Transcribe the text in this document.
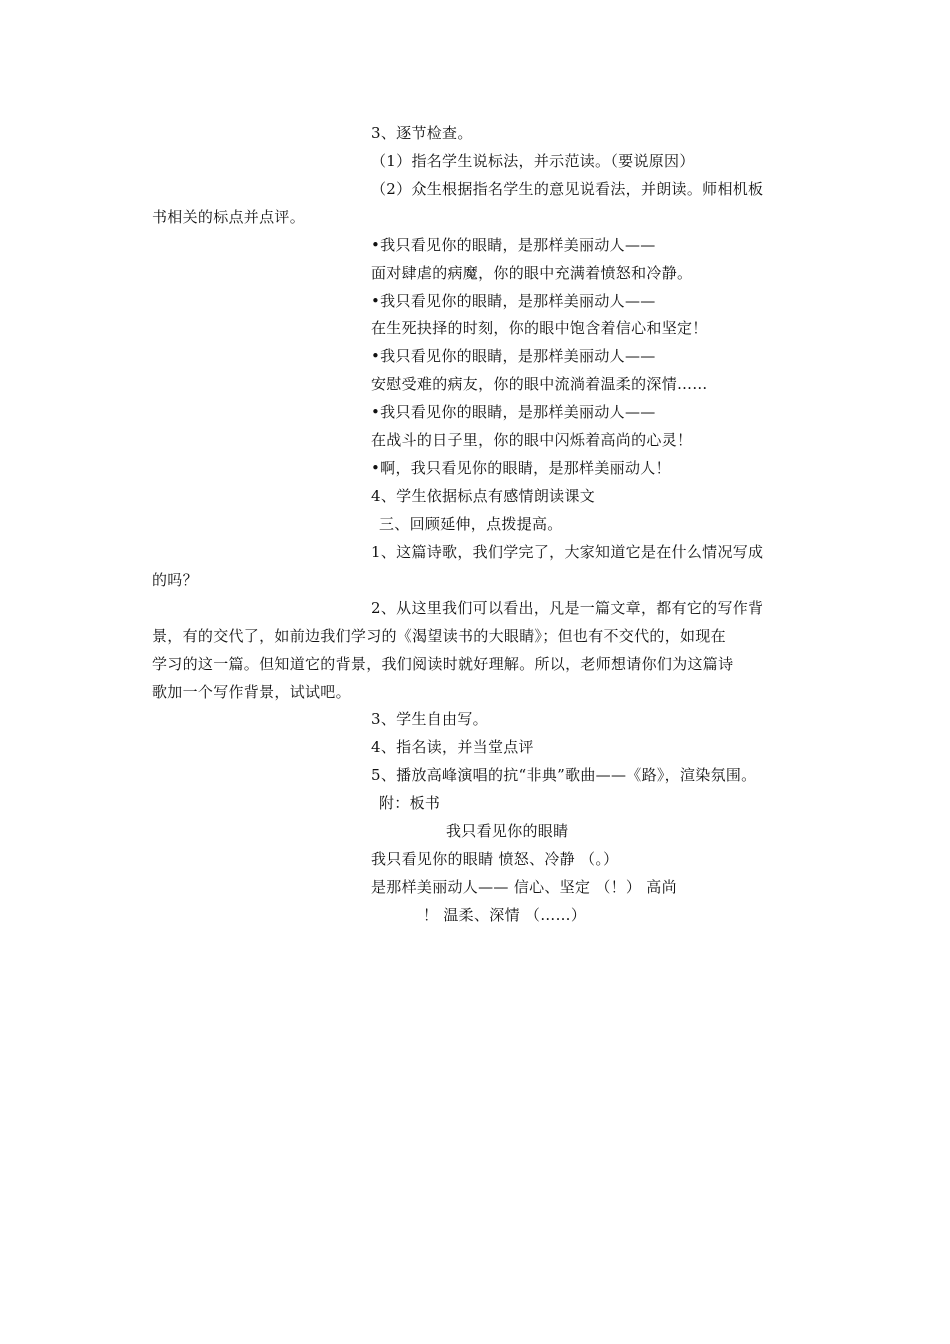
3、逐节检查。
（1）指名学生说标法，并示范读。（要说原因）
（2）众生根据指名学生的意见说看法，并朗读。师相机板
书相关的标点并点评。
•我只看见你的眼睛，是那样美丽动人——
面对肆虐的病魔，你的眼中充满着愤怒和冷静。
•我只看见你的眼睛，是那样美丽动人——
在生死抉择的时刻，你的眼中饱含着信心和坚定！
•我只看见你的眼睛，是那样美丽动人——
安慰受难的病友，你的眼中流淌着温柔的深情……
•我只看见你的眼睛，是那样美丽动人——
在战斗的日子里，你的眼中闪烁着高尚的心灵！
•啊，我只看见你的眼睛，是那样美丽动人！
4、学生依据标点有感情朗读课文
三、回顾延伸，点拨提高。
1、这篇诗歌，我们学完了，大家知道它是在什么情况写成
的吗？
2、从这里我们可以看出，凡是一篇文章，都有它的写作背
景，有的交代了，如前边我们学习的《渴望读书的大眼睛》；但也有不交代的，如现在
学习的这一篇。但知道它的背景，我们阅读时就好理解。所以，老师想请你们为这篇诗
歌加一个写作背景，试试吧。
3、学生自由写。
4、指名读，并当堂点评
5、播放高峰演唱的抗“非典”歌曲——《路》，渲染氛围。
附：板书
我只看见你的眼睛
我只看见你的眼睛 愤怒、冷静 （。）
是那样美丽动人—— 信心、坚定 （！） 高尚
！ 温柔、深情 （……）
